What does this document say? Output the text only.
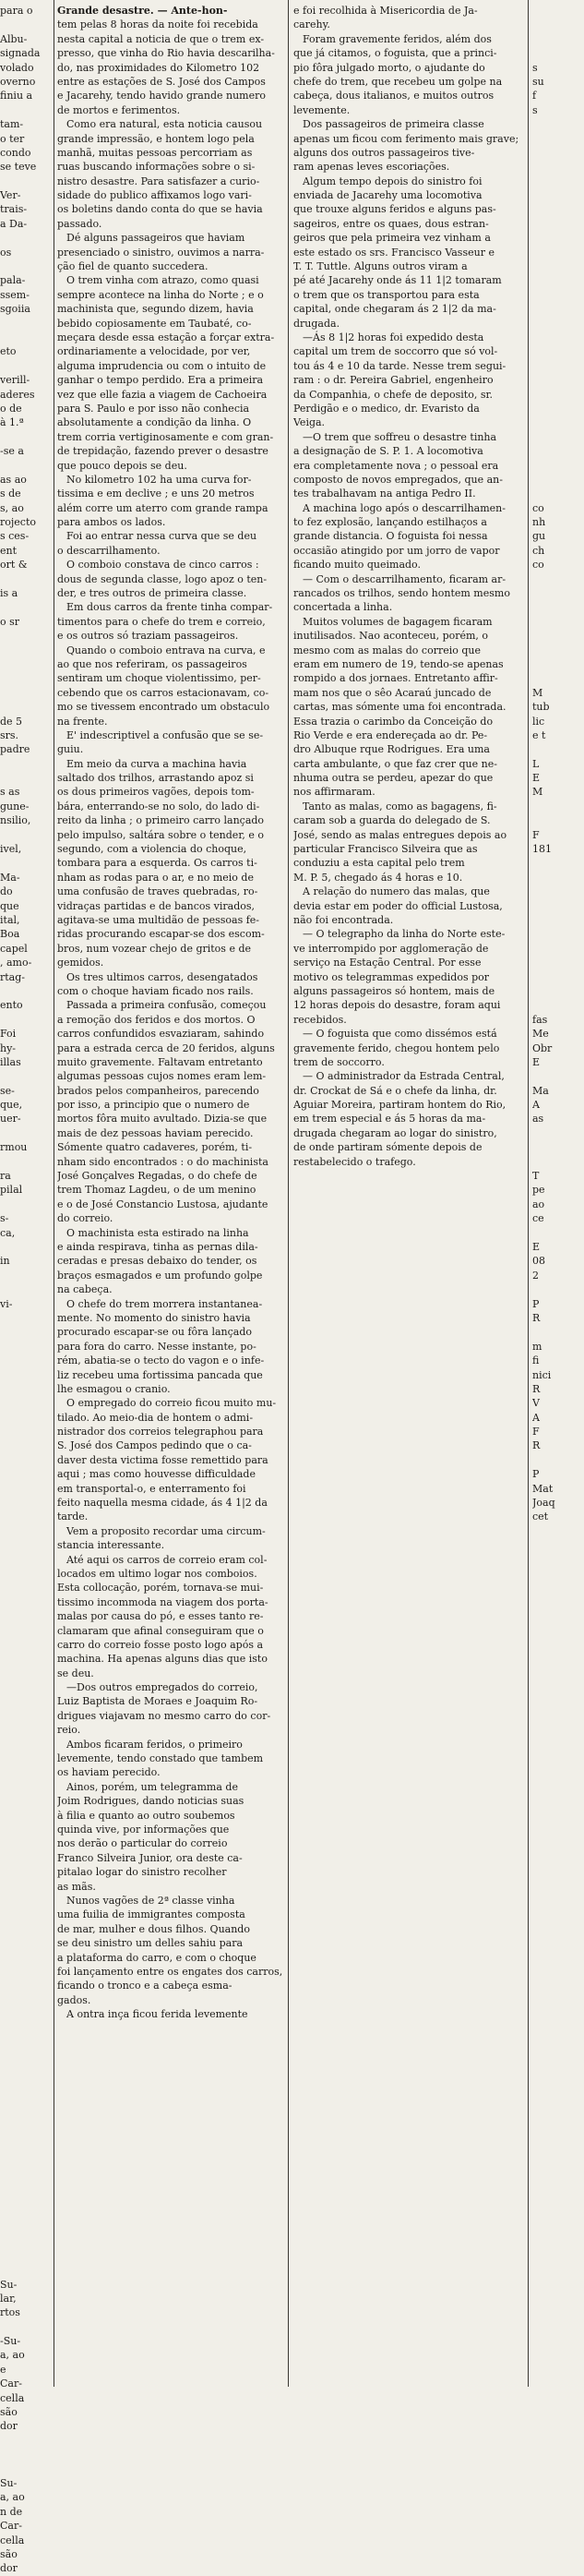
para o
Albu-
signada
volado
overno
finiu a
tam-
o ter
condo
se teve
Ver-
trais-
a Da-
os
pala-
ssem-
sgoiia
eto
verill-
aderes
o de
à 1.ª
-se a
as ao
s de
s, ao
rojecto
s ces-
ent
ort &
is a
o sr
de 5
srs.
padre
s as
gune-
nsilio,
ivel,
Ma-
do
que
ital,
Boa
capel
, amo-
rtag-
ento
Foi
hy-
illas
se-
que,
uer-
rmou
ra
pilal
s-
ca,
in
vi-
Su-
lar,
rtos
-Su-
a, ao
e
Car-
cella
são
dor
Su-
a, ao
n de
Car-
cella
são
dor
Grande desastre. — Ante-hon-
tem pelas 8 horas da noite foi recebida
nesta capital a noticia de que o trem ex-
presso, que vinha do Rio havia descarilha-
do, nas proximidades do Kilometro 102
entre as estações de S. José dos Campos
e Jacarehy, tendo havido grande numero
de mortos e ferimentos.
Como era natural, esta noticia causou
grande impressão, e hontem logo pela
manhã, muitas pessoas percorriam as
ruas buscando informações sobre o si-
nistro desastre. Para satisfazer a curio-
sidade do publico affixamos logo vari-
os boletins dando conta do que se havia
passado.
Dé alguns passageiros que haviam
presenciado o sinistro, ouvimos a narra-
ção fiel de quanto succedera.
O trem vinha com atrazo, como quasi
sempre acontece na linha do Norte ; e o
machinista que, segundo dizem, havia
bebido copiosamente em Taubaté, co-
meçara desde essa estação a forçar extra-
ordinariamente a velocidade, por ver,
alguma imprudencia ou com o intuito de
ganhar o tempo perdido. Era a primeira
vez que elle fazia a viagem de Cachoeira
para S. Paulo e por isso não conhecia
absolutamente a condição da linha. O
trem corria vertiginosamente e com gran-
de trepidação, fazendo prever o desastre
que pouco depois se deu.
No kilometro 102 ha uma curva for-
tissima e em declive ; e uns 20 metros
além corre um aterro com grande rampa
para ambos os lados.
Foi ao entrar nessa curva que se deu
o descarrilhamento.
O comboio constava de cinco carros :
dous de segunda classe, logo apoz o ten-
der, e tres outros de primeira classe.
Em dous carros da frente tinha compar-
timentos para o chefe do trem e correio,
e os outros só traziam passageiros.
Quando o comboio entrava na curva, e
ao que nos referiram, os passageiros
sentiram um choque violentissimo, per-
cebendo que os carros estacionavam, co-
mo se tivessem encontrado um obstaculo
na frente.
E' indescriptivel a confusão que se se-
guiu.
Em meio da curva a machina havia
saltado dos trilhos, arrastando apoz si
os dous primeiros vagões, depois tom-
bára, enterrando-se no solo, do lado di-
reito da linha ; o primeiro carro lançado
pelo impulso, saltára sobre o tender, e o
segundo, com a violencia do choque,
tombara para a esquerda. Os carros ti-
nham as rodas para o ar, e no meio de
uma confusão de traves quebradas, ro-
vidraças partidas e de bancos virados,
agitava-se uma multidão de pessoas fe-
ridas procurando escapar-se dos escom-
bros, num vozear chejo de gritos e de
gemidos.
Os tres ultimos carros, desengatados
com o choque haviam ficado nos rails.
Passada a primeira confusão, começou
a remoção dos feridos e dos mortos. O
carros confundidos esvaziaram, sahindo
para a estrada cerca de 20 feridos, alguns
muito gravemente. Faltavam entretanto
algumas pessoas cujos nomes eram lem-
brados pelos companheiros, parecendo
por isso, a principio que o numero de
mortos fôra muito avultado. Dizia-se que
mais de dez pessoas haviam perecido.
Sómente quatro cadaveres, porém, ti-
nham sido encontrados : o do machinista
José Gonçalves Regadas, o do chefe de
trem Thomaz Lagdeu, o de um menino
e o de José Constancio Lustosa, ajudante
do correio.
O machinista esta estirado na linha
e ainda respirava, tinha as pernas dila-
ceradas e presas debaixo do tender, os
braços esmagados e um profundo golpe
na cabeça.
O chefe do trem morrera instantanea-
mente. No momento do sinistro havia
procurado escapar-se ou fôra lançado
para fora do carro. Nesse instante, po-
rém, abatia-se o tecto do vagon e o infe-
liz recebeu uma fortissima pancada que
lhe esmagou o cranio.
O empregado do correio ficou muito mu-
tilado. Ao meio-dia de hontem o admi-
nistrador dos correios telegraphou para
S. José dos Campos pedindo que o ca-
daver desta victima fosse remettido para
aqui ; mas como houvesse difficuldade
em transportal-o, e enterramento foi
feito naquella mesma cidade, ás 4 1|2 da
tarde.
Vem a proposito recordar uma circum-
stancia interessante.
Até aqui os carros de correio eram col-
locados em ultimo logar nos comboios.
Esta collocação, porém, tornava-se mui-
tissimo incommoda na viagem dos porta-
malas por causa do pó, e esses tanto re-
clamaram que afinal conseguiram que o
carro do correio fosse posto logo após a
machina. Ha apenas alguns dias que isto
se deu.
—Dos outros empregados do correio,
Luiz Baptista de Moraes e Joaquim Ro-
drigues viajavam no mesmo carro do cor-
reio.
Ambos ficaram feridos, o primeiro
levemente, tendo constado que tambem
os haviam perecido.
Ainos, porém, um telegramma de
Joim Rodrigues, dando noticias suas
à filia e quanto ao outro soubemos
quinda vive, por informações que
nos derão o particular do correio
Franco Silveira Junior, ora deste ca-
pitalao logar do sinistro recolher
as mãs.
Nunos vagões de 2ª classe vinha
uma fuilia de immigrantes composta
de mar, mulher e dous filhos. Quando
se deu sinistro um delles sahiu para
a plataforma do carro, e com o choque
foi lançamento entre os engates dos carros,
ficando o tronco e a cabeça esma-
gados.
A ontra inça ficou ferida levemente
e foi recolhida à Misericordia de Ja-
carehy.
Foram gravemente feridos, além dos
que já citamos, o foguista, que a princi-
pio fôra julgado morto, o ajudante do
chefe do trem, que recebeu um golpe na
cabeça, dous italianos, e muitos outros
levemente.
Dos passageiros de primeira classe
apenas um ficou com ferimento mais grave;
alguns dos outros passageiros tive-
ram apenas leves escoriações.
Algum tempo depois do sinistro foi
enviada de Jacarehy uma locomotiva
que trouxe alguns feridos e alguns pas-
sageiros, entre os quaes, dous estran-
geiros que pela primeira vez vinham a
este estado os srs. Francisco Vasseur e
T. T. Tuttle. Alguns outros viram a
pé até Jacarehy onde ás 11 1|2 tomaram
o trem que os transportou para esta
capital, onde chegaram ás 2 1|2 da ma-
drugada.
—Ás 8 1|2 horas foi expedido desta
capital um trem de soccorro que só vol-
tou ás 4 e 10 da tarde. Nesse trem segui-
ram : o dr. Pereira Gabriel, engenheiro
da Companhia, o chefe de deposito, sr.
Perdigão e o medico, dr. Evaristo da
Veiga.
—O trem que soffreu o desastre tinha
a designação de S. P. 1. A locomotiva
era completamente nova ; o pessoal era
composto de novos empregados, que an-
tes trabalhavam na antiga Pedro II.
A machina logo após o descarrilhamen-
to fez explosão, lançando estilhaços a
grande distancia. O foguista foi nessa
occasião atingido por um jorro de vapor
ficando muito queimado.
— Com o descarrilhamento, ficaram ar-
rancados os trilhos, sendo hontem mesmo
concertada a linha.
Muitos volumes de bagagem ficaram
inutilisados. Nao aconteceu, porém, o
mesmo com as malas do correio que
eram em numero de 19, tendo-se apenas
rompido a dos jornaes. Entretanto affir-
mam nos que o sêo Acaraú juncado de
cartas, mas sómente uma foi encontrada.
Essa trazia o carimbo da Conceição do
Rio Verde e era endereçada ao dr. Pe-
dro Albuque rque Rodrigues. Era uma
carta ambulante, o que faz crer que ne-
nhuma outra se perdeu, apezar do que
nos affirmaram.
Tanto as malas, como as bagagens, fi-
caram sob a guarda do delegado de S.
José, sendo as malas entregues depois ao
particular Francisco Silveira que as
conduziu a esta capital pelo trem
M. P. 5, chegado ás 4 horas e 10.
A relação do numero das malas, que
devia estar em poder do official Lustosa,
não foi encontrada.
— O telegrapho da linha do Norte este-
ve interrompido por agglomeração de
serviço na Estação Central. Por esse
motivo os telegrammas expedidos por
alguns passageiros só hontem, mais de
12 horas depois do desastre, foram aqui
recebidos.
— O foguista que como dissémos está
gravemente ferido, chegou hontem pelo
trem de soccorro.
— O administrador da Estrada Central,
dr. Crockat de Sá e o chefe da linha, dr.
Aguiar Moreira, partiram hontem do Rio,
em trem especial e ás 5 horas da ma-
drugada chegaram ao logar do sinistro,
de onde partiram sómente depois de
restabelecido o trafego.
s
su
f
s
co
nh
gu
ch
co
M
tub
lic
e t
L
E
M
F
181
fas
Me
Obr
E
Ma
A
as
T
pe
ao
ce
E
08
2
P
R
m
fi
nici
R
V
A
F
R
P
Mat
Joaq
cet
